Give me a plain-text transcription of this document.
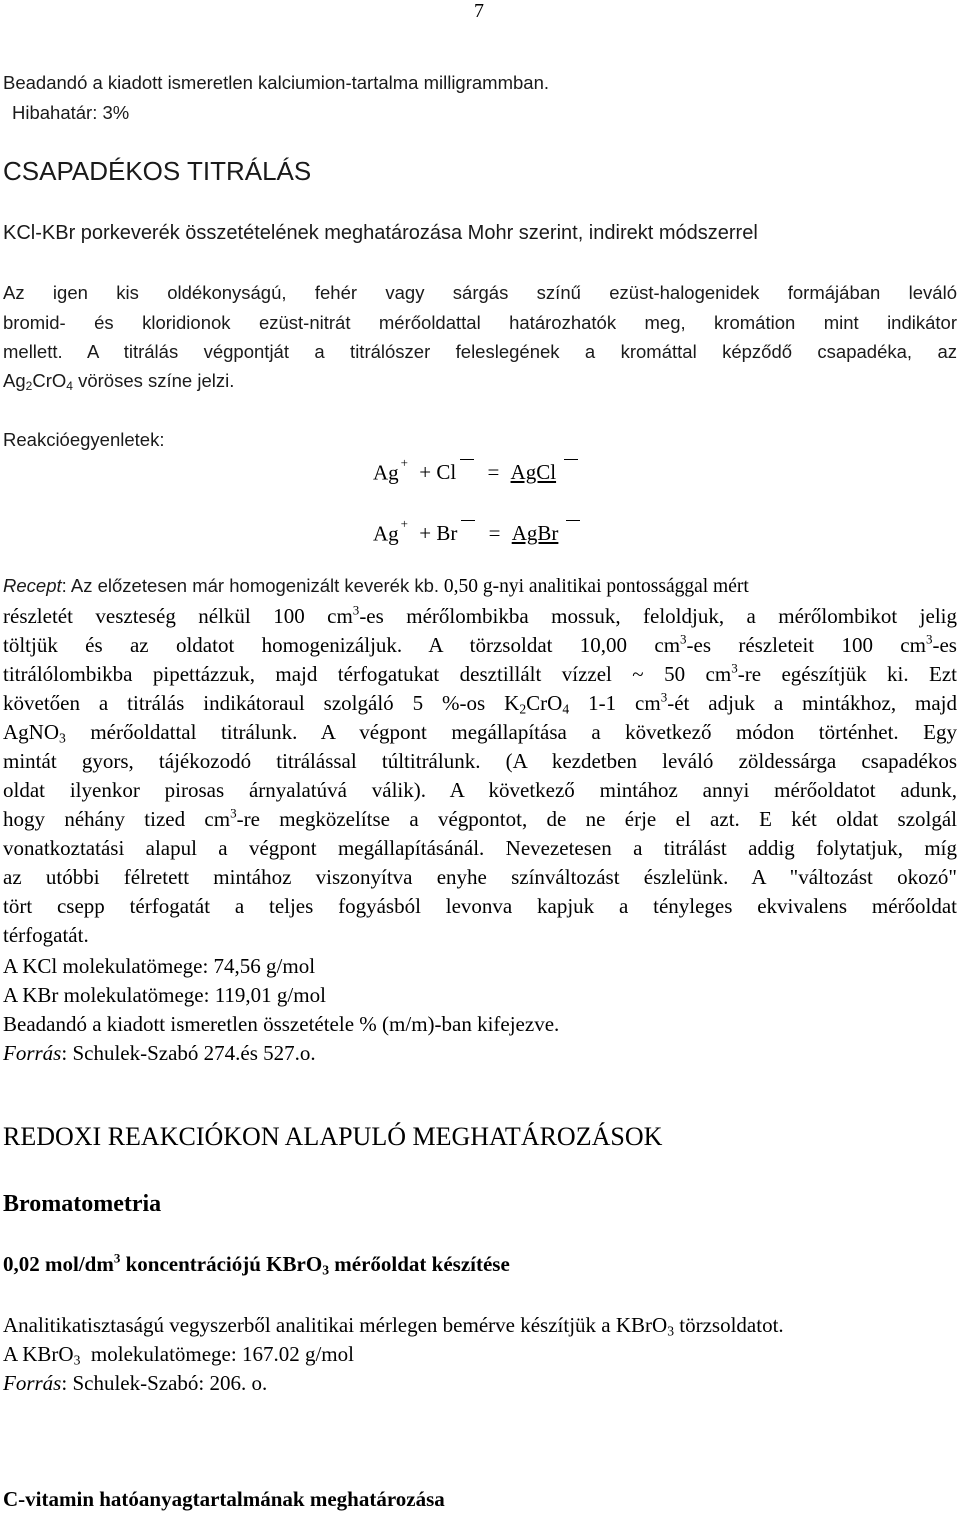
7
Beadandó a kiadott ismeretlen kalciumion-tartalma milligrammban.
Hibahatár: 3%
CSAPADÉKOS TITRÁLÁS
KCl-KBr porkeverék összetételének meghatározása Mohr szerint, indirekt módszerrel
Az igen kis oldékonyságú, fehér vagy sárgás színű ezüst-halogenidek formájában leváló
bromid- és kloridionok ezüst-nitrát mérőoldattal határozhatók meg, kromátion mint indikátor
mellett. A titrálás végpontját a titrálószer feleslegének a kromáttal képződő csapadéka, az
$Ag_2CrO_4$ vöröses színe jelzi.
Reakcióegyenletek:
Ag + + Cl = AgCl
Ag + + Br = AgBr
Recept: Az előzetesen már homogenizált keverék kb. 0,50 g-nyi analitikai pontossággal mért
részletét veszteség nélkül 100 $cm^3-es$ mérőlombikba mossuk, feloldjuk, a mérőlombikot jelig
töltjük és az oldatot homogenizáljuk. A törzsoldat 10,00 $cm^3-es$ részleteit 100 $cm^3-es$
titrálólombikba pipettázzuk, majd térfogatukat desztillált vízzel ~ 50 $cm^3-re$ egészítjük ki. Ezt
követően a titrálás indikátoraul szolgáló 5 %-os $K_2CrO_4$ 1-1 $cm^3-ét$ adjuk a mintákhoz, majd
AgNO$_3$ mérőoldattal titrálunk. A végpont megállapítása a következő módon történhet. Egy
mintát gyors, tájékozodó titrálással túltitrálunk. (A kezdetben leváló zöldessárga csapadékos
oldat ilyenkor pirosas árnyalatúvá válik). A következő mintához annyi mérőoldatot adunk,
hogy néhány tized $cm^3-re$ megközelítse a végpontot, de ne érje el azt. E két oldat szolgál
vonatkoztatási alapul a végpont megállapításánál. Nevezetesen a titrálást addig folytatjuk, míg
az utóbbi félretett mintához viszonyítva enyhe színváltozást észlelünk. A "változást okozó"
tört csepp térfogatát a teljes fogyásból levonva kapjuk a tényleges ekvivalens mérőoldat
térfogatát.
A KCl molekulatömege: 74,56 g/mol
A KBr molekulatömege: 119,01 g/mol
Beadandó a kiadott ismeretlen összetétele % (m/m)-ban kifejezve.
Forrás: Schulek-Szabó 274.és 527.o.
REDOXI REAKCIÓKON ALAPULÓ MEGHATÁROZÁSOK
Bromatometria
0,02 mol/$dm^3$ koncentrációjú KBrO$_3$ mérőoldat készítése
Analitikatisztaságú vegyszerből analitikai mérlegen bemérve készítjük a KBrO$_3$ törzsoldatot.
A KBrO$_3$  molekulatömege: 167.02 g/mol
Forrás: Schulek-Szabó: 206. o.
C-vitamin hatóanyagtartalmának meghatározása
